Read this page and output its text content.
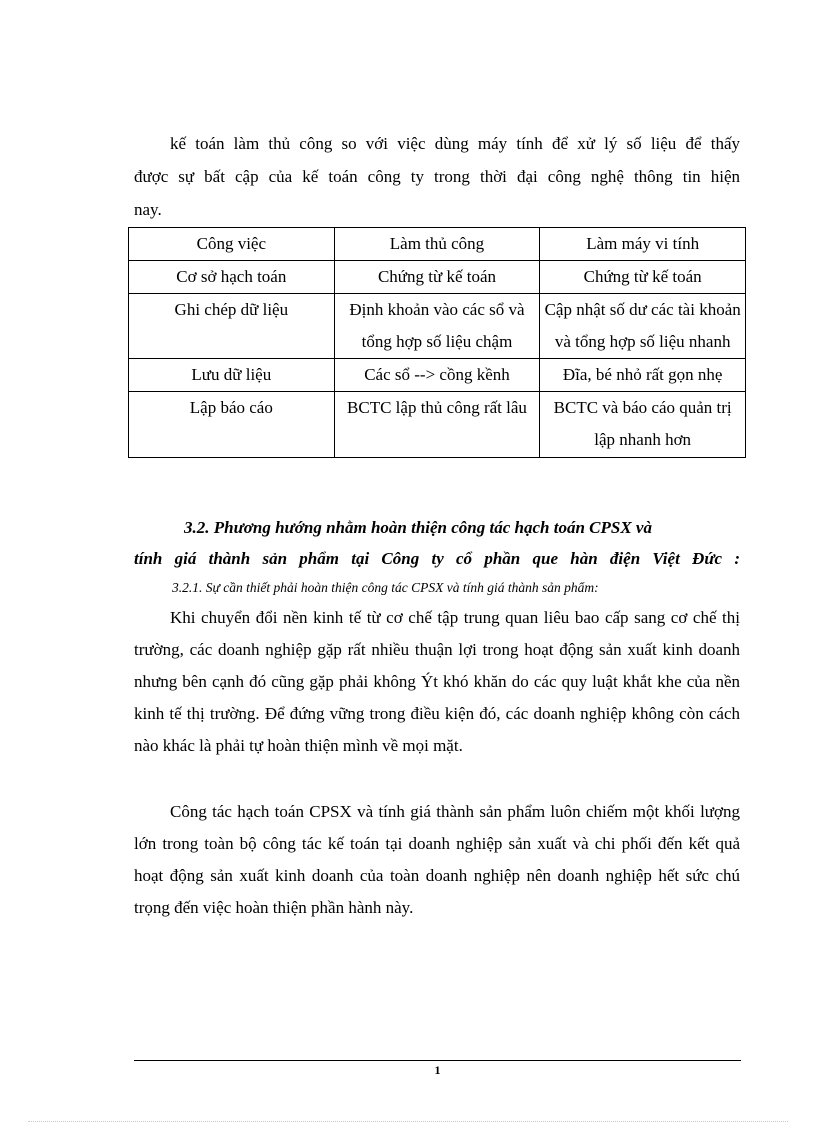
kế toán làm thủ công so với việc dùng máy tính để xử lý số liệu để thấy
được sự bất cập của kế toán công ty trong thời đại công nghệ thông tin hiện
nay.
Công việc	Làm thủ công	Làm máy vi tính
Cơ sở hạch toán	Chứng từ kế toán	Chứng từ kế toán
Ghi chép dữ liệu	Định khoản vào các sổ và tổng hợp số liệu chậm	Cập nhật số dư các tài khoản và tổng hợp số liệu nhanh
Lưu dữ liệu	Các sổ --> cồng kềnh	Đĩa, bé nhỏ rất gọn nhẹ
Lập báo cáo	BCTC lập thủ công rất lâu	BCTC và báo cáo quản trị lập nhanh hơn
3.2. Phương hướng nhằm hoàn thiện công tác hạch toán CPSX và
tính giá thành sản phẩm tại Công ty cổ phần que hàn điện Việt Đức :
3.2.1. Sự cần thiết phải hoàn thiện công tác CPSX và tính giá thành sản phẩm:

Khi chuyển đổi nền kinh tế từ cơ chế tập trung quan liêu bao cấp sang cơ chế thị trường, các doanh nghiệp gặp rất nhiều thuận lợi trong hoạt động sản xuất kinh doanh nhưng bên cạnh đó cũng gặp phải không Ýt khó khăn do các quy luật khắt khe của nền kinh tế thị trường. Để đứng vững trong điều kiện đó, các doanh nghiệp không còn cách nào khác là phải tự hoàn thiện mình về mọi mặt.

Công tác hạch toán CPSX và tính giá thành sản phẩm luôn chiếm một khối lượng lớn trong toàn bộ công tác kế toán tại doanh nghiệp sản xuất và chi phối đến kết quả hoạt động sản xuất kinh doanh của toàn doanh nghiệp nên doanh nghiệp hết sức chú trọng đến việc hoàn thiện phần hành này.

1
